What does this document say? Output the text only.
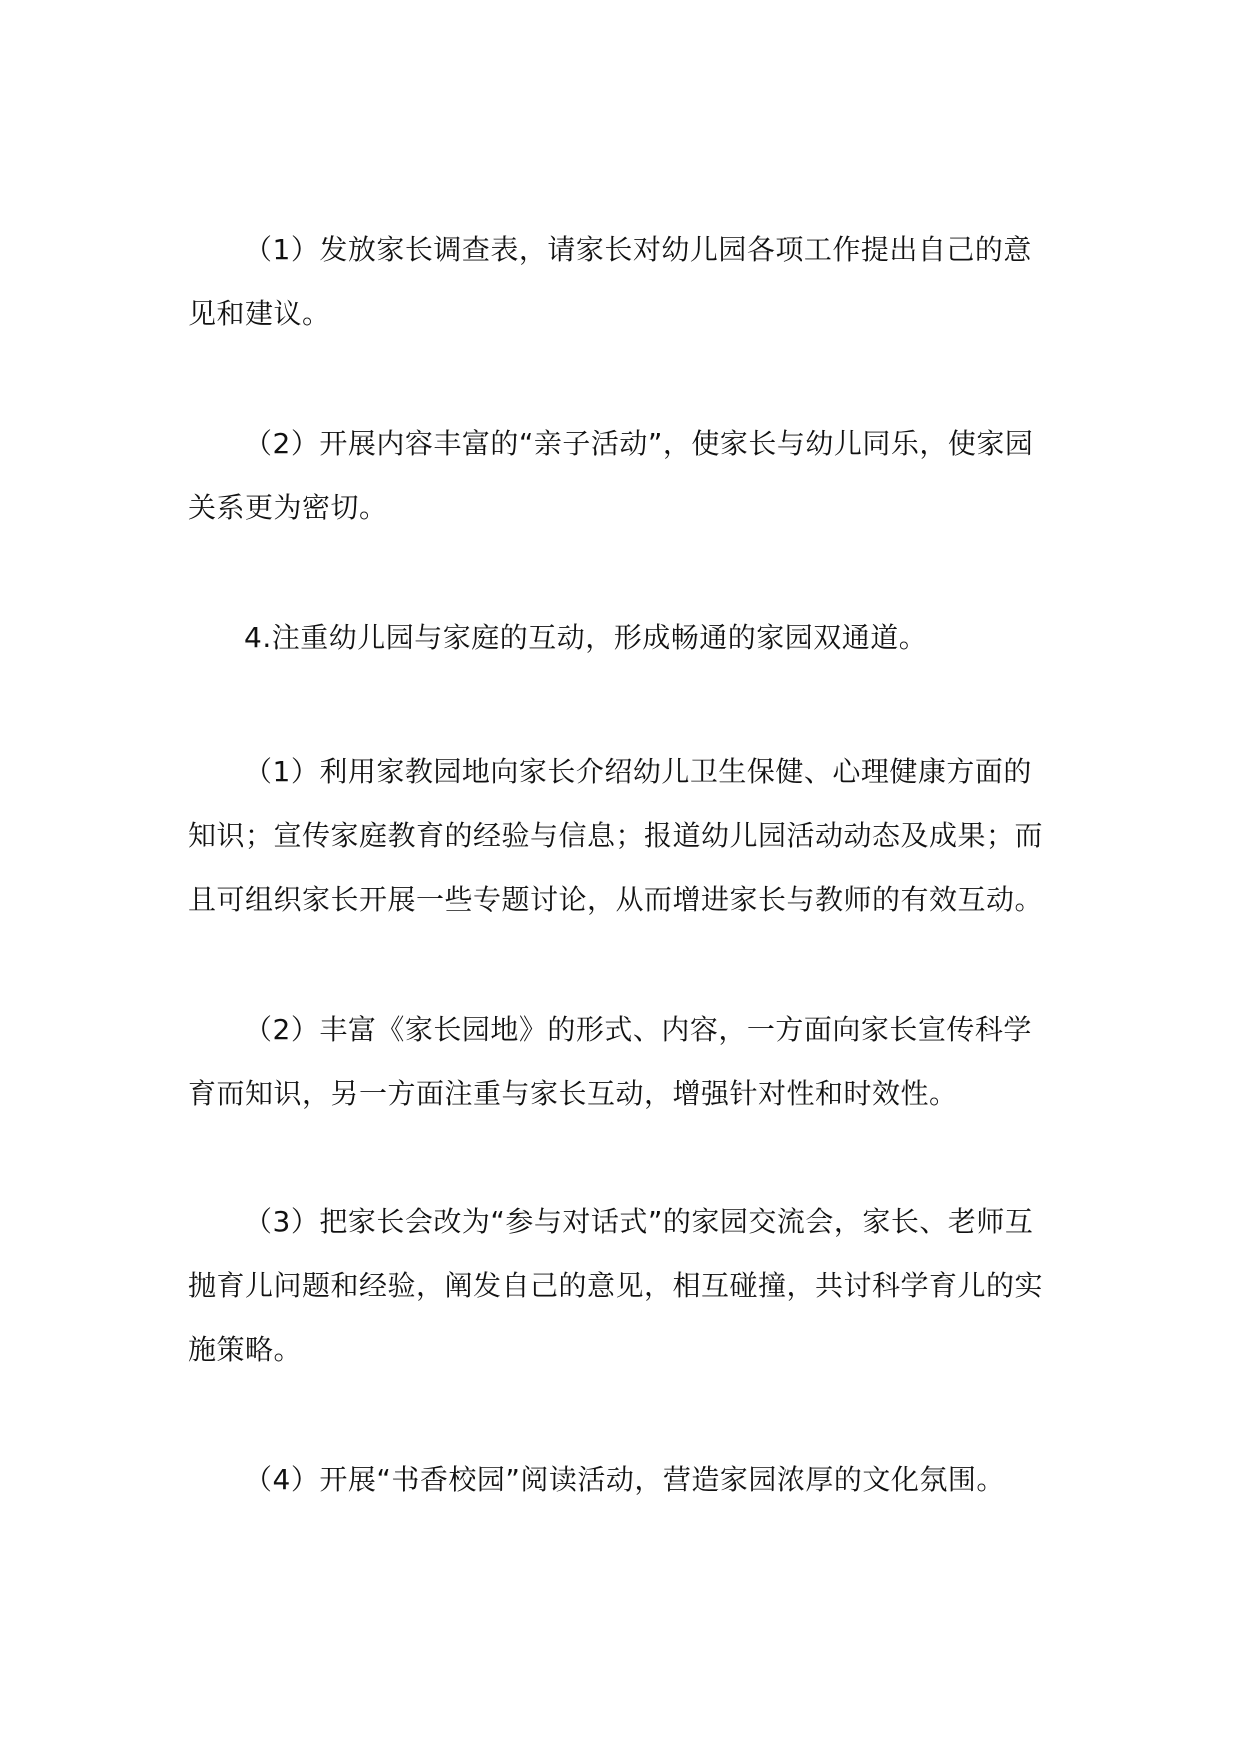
（1）发放家长调查表，请家长对幼儿园各项工作提出自己的意见和建议。

（2）开展内容丰富的“亲子活动”，使家长与幼儿同乐，使家园关系更为密切。

4.注重幼儿园与家庭的互动，形成畅通的家园双通道。

（1）利用家教园地向家长介绍幼儿卫生保健、心理健康方面的知识；宣传家庭教育的经验与信息；报道幼儿园活动动态及成果；而且可组织家长开展一些专题讨论，从而增进家长与教师的有效互动。

（2）丰富《家长园地》的形式、内容，一方面向家长宣传科学育而知识，另一方面注重与家长互动，增强针对性和时效性。

（3）把家长会改为“参与对话式”的家园交流会，家长、老师互抛育儿问题和经验，阐发自己的意见，相互碰撞，共讨科学育儿的实施策略。

（4）开展“书香校园”阅读活动，营造家园浓厚的文化氛围。
